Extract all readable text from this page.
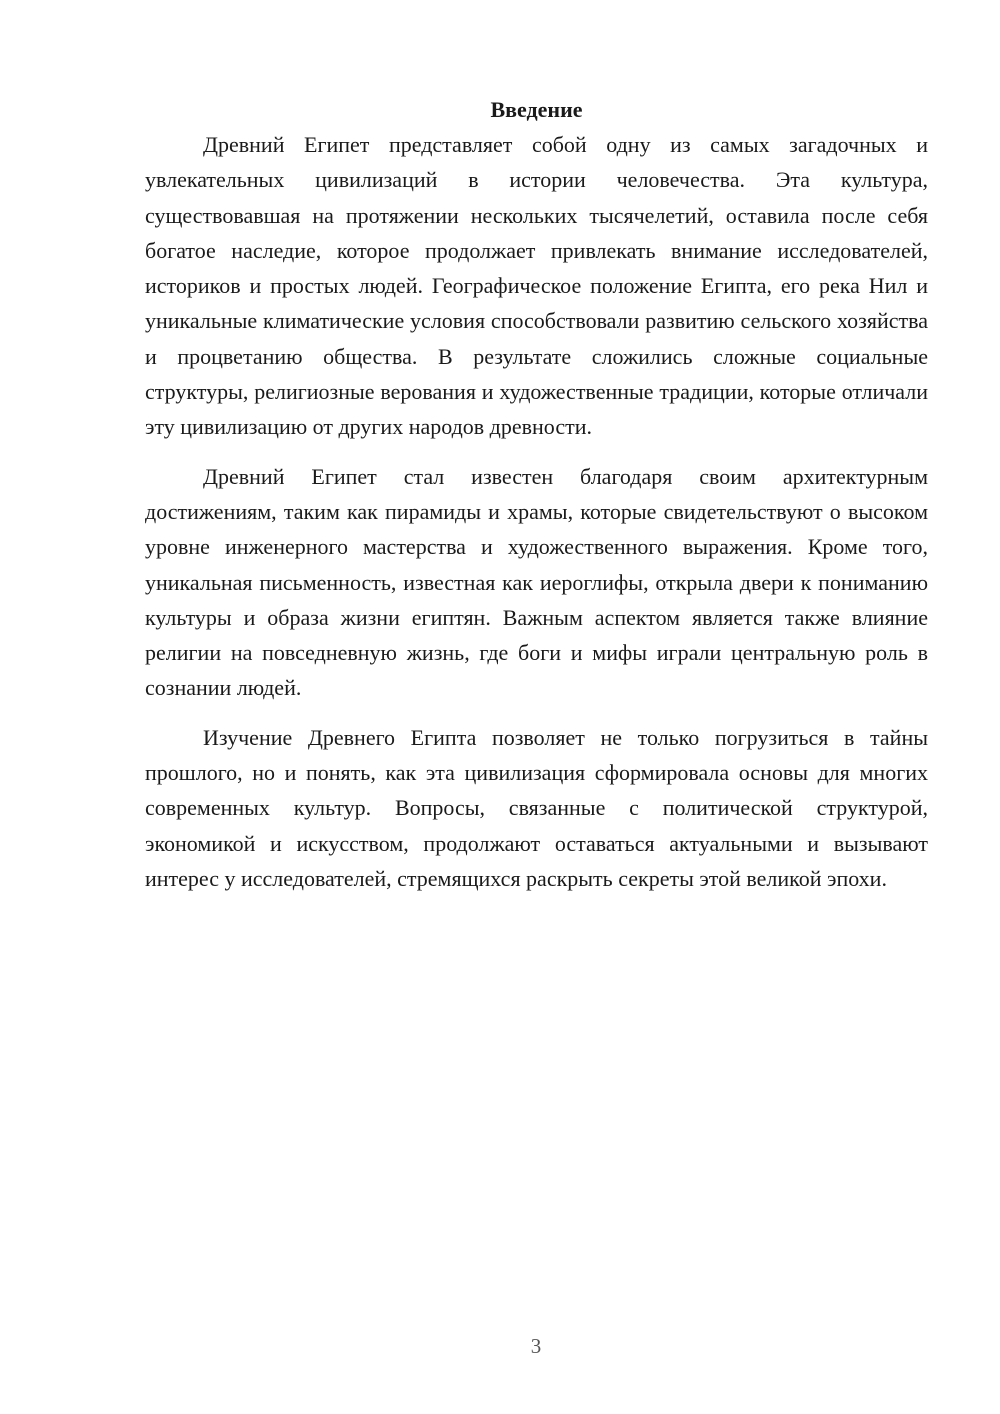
Введение

Древний Египет представляет собой одну из самых загадочных и увлекательных цивилизаций в истории человечества. Эта культура, существовавшая на протяжении нескольких тысячелетий, оставила после себя богатое наследие, которое продолжает привлекать внимание исследователей, историков и простых людей. Географическое положение Египта, его река Нил и уникальные климатические условия способствовали развитию сельского хозяйства и процветанию общества. В результате сложились сложные социальные структуры, религиозные верования и художественные традиции, которые отличали эту цивилизацию от других народов древности.

Древний Египет стал известен благодаря своим архитектурным достижениям, таким как пирамиды и храмы, которые свидетельствуют о высоком уровне инженерного мастерства и художественного выражения. Кроме того, уникальная письменность, известная как иероглифы, открыла двери к пониманию культуры и образа жизни египтян. Важным аспектом является также влияние религии на повседневную жизнь, где боги и мифы играли центральную роль в сознании людей.

Изучение Древнего Египта позволяет не только погрузиться в тайны прошлого, но и понять, как эта цивилизация сформировала основы для многих современных культур. Вопросы, связанные с политической структурой, экономикой и искусством, продолжают оставаться актуальными и вызывают интерес у исследователей, стремящихся раскрыть секреты этой великой эпохи.

3
